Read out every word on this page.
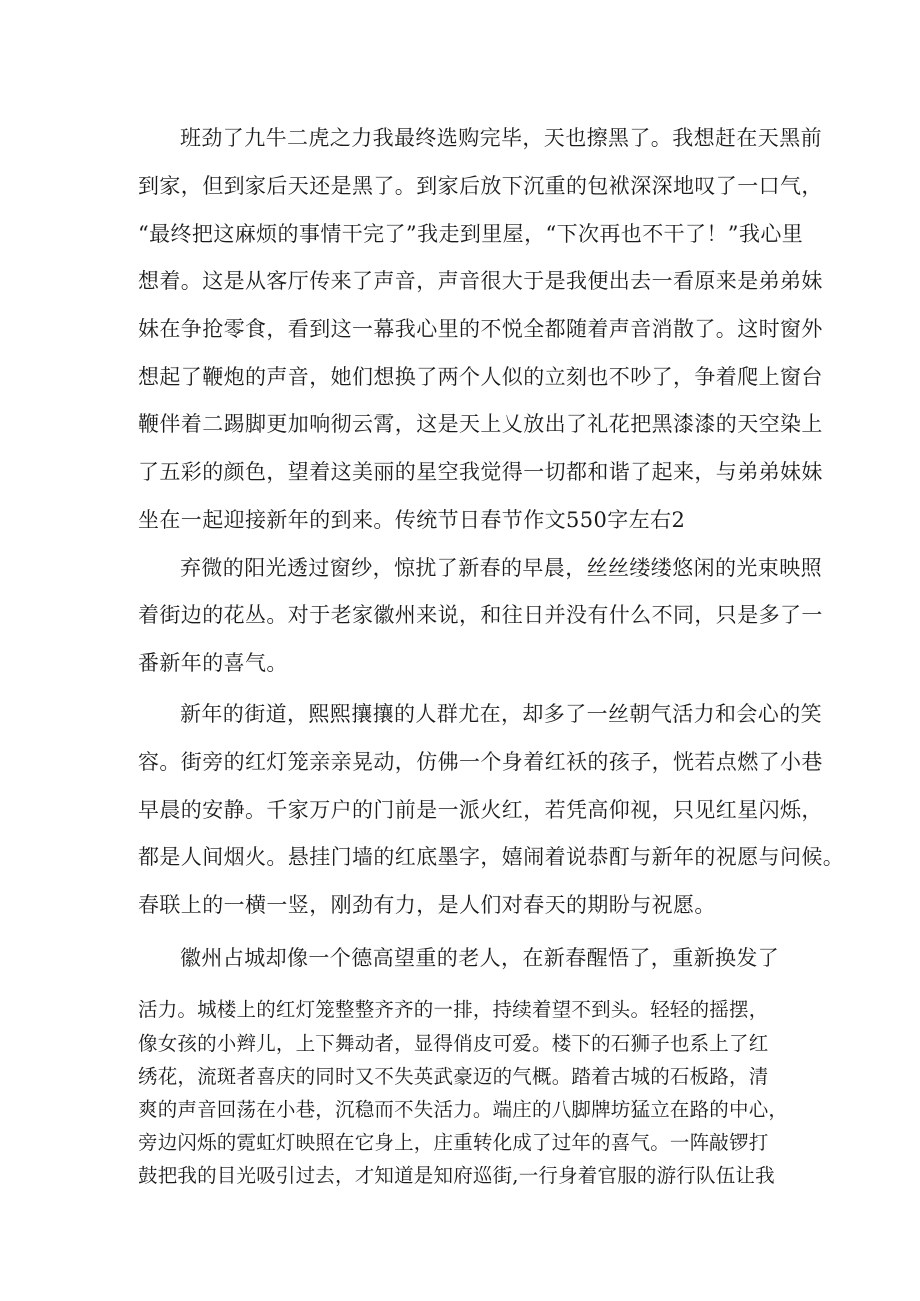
班劲了九牛二虎之力我最终选购完毕，天也擦黑了。我想赶在天黑前
到家，但到家后天还是黑了。到家后放下沉重的包袱深深地叹了一口气，
“最终把这麻烦的事情干完了”我走到里屋，“下次再也不干了！”我心里
想着。这是从客厅传来了声音，声音很大于是我便出去一看原来是弟弟妹
妹在争抢零食，看到这一幕我心里的不悦全都随着声音消散了。这时窗外
想起了鞭炮的声音，她们想换了两个人似的立刻也不吵了，争着爬上窗台
鞭伴着二踢脚更加响彻云霄，这是天上乂放出了礼花把黑漆漆的天空染上
了五彩的颜色，望着这美丽的星空我觉得一切都和谐了起来，与弟弟妹妹
坐在一起迎接新年的到来。传统节日春节作文550字左右2
弃微的阳光透过窗纱，惊扰了新春的早晨，丝丝缕缕悠闲的光束映照
着街边的花丛。对于老家徽州来说，和往日并没有什么不同，只是多了一
番新年的喜气。
新年的街道，熙熙攘攘的人群尤在，却多了一丝朝气活力和会心的笑
容。街旁的红灯笼亲亲晃动，仿佛一个身着红袄的孩子，恍若点燃了小巷
早晨的安静。千家万户的门前是一派火红，若凭高仰视，只见红星闪烁，
都是人间烟火。悬挂门墙的红底墨字，嬉闹着说恭酊与新年的祝愿与问候。
春联上的一横一竖，刚劲有力，是人们对春天的期盼与祝愿。
徽州占城却像一个德高望重的老人，在新春醒悟了，重新换发了
活力。城楼上的红灯笼整整齐齐的一排，持续着望不到头。轻轻的摇摆，
像女孩的小辫儿，上下舞动者，显得俏皮可爱。楼下的石狮子也系上了红
绣花，流斑者喜庆的同时又不失英武豪迈的气概。踏着古城的石板路，清
爽的声音回荡在小巷，沉稳而不失活力。端庄的八脚牌坊猛立在路的中心，
旁边闪烁的霓虹灯映照在它身上，庄重转化成了过年的喜气。一阵敲锣打
鼓把我的目光吸引过去，才知道是知府巡街,一行身着官服的游行队伍让我
